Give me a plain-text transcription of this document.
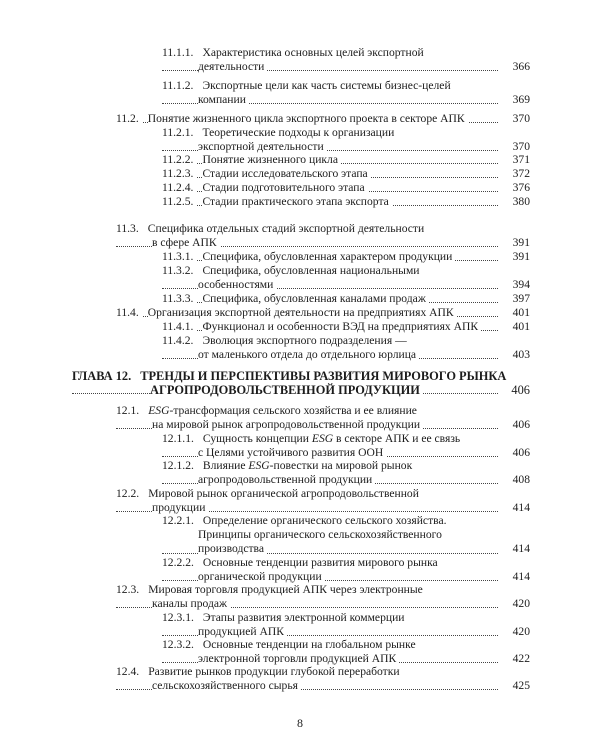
11.1.1. Характеристика основных целей экспортной
деятельности	366
11.1.2. Экспортные цели как часть системы бизнес-целей
компании	369
11.2. Понятие жизненного цикла экспортного проекта в секторе АПК	370
11.2.1. Теоретические подходы к организации
экспортной деятельности	370
11.2.2. Понятие жизненного цикла	371
11.2.3. Стадии исследовательского этапа	372
11.2.4. Стадии подготовительного этапа	376
11.2.5. Стадии практического этапа экспорта	380
11.3. Специфика отдельных стадий экспортной деятельности
в сфере АПК	391
11.3.1. Специфика, обусловленная характером продукции	391
11.3.2. Специфика, обусловленная национальными
особенностями	394
11.3.3. Специфика, обусловленная каналами продаж	397
11.4. Организация экспортной деятельности на предприятиях АПК	401
11.4.1. Функционал и особенности ВЭД на предприятиях АПК	401
11.4.2. Эволюция экспортного подразделения —
от маленького отдела до отдельного юрлица	403
ГЛАВА 12. ТРЕНДЫ И ПЕРСПЕКТИВЫ РАЗВИТИЯ МИРОВОГО РЫНКА
АГРОПРОДОВОЛЬСТВЕННОЙ ПРОДУКЦИИ	406
12.1. ESG-трансформация сельского хозяйства и ее влияние
на мировой рынок агропродовольственной продукции	406
12.1.1. Сущность концепции ESG в секторе АПК и ее связь
с Целями устойчивого развития ООН	406
12.1.2. Влияние ESG-повестки на мировой рынок
агропродовольственной продукции	408
12.2. Мировой рынок органической агропродовольственной
продукции	414
12.2.1. Определение органического сельского хозяйства.
Принципы органического сельскохозяйственного
производства	414
12.2.2. Основные тенденции развития мирового рынка
органической продукции	414
12.3. Мировая торговля продукцией АПК через электронные
каналы продаж	420
12.3.1. Этапы развития электронной коммерции
продукцией АПК	420
12.3.2. Основные тенденции на глобальном рынке
электронной торговли продукцией АПК	422
12.4. Развитие рынков продукции глубокой переработки
сельскохозяйственного сырья	425
8
